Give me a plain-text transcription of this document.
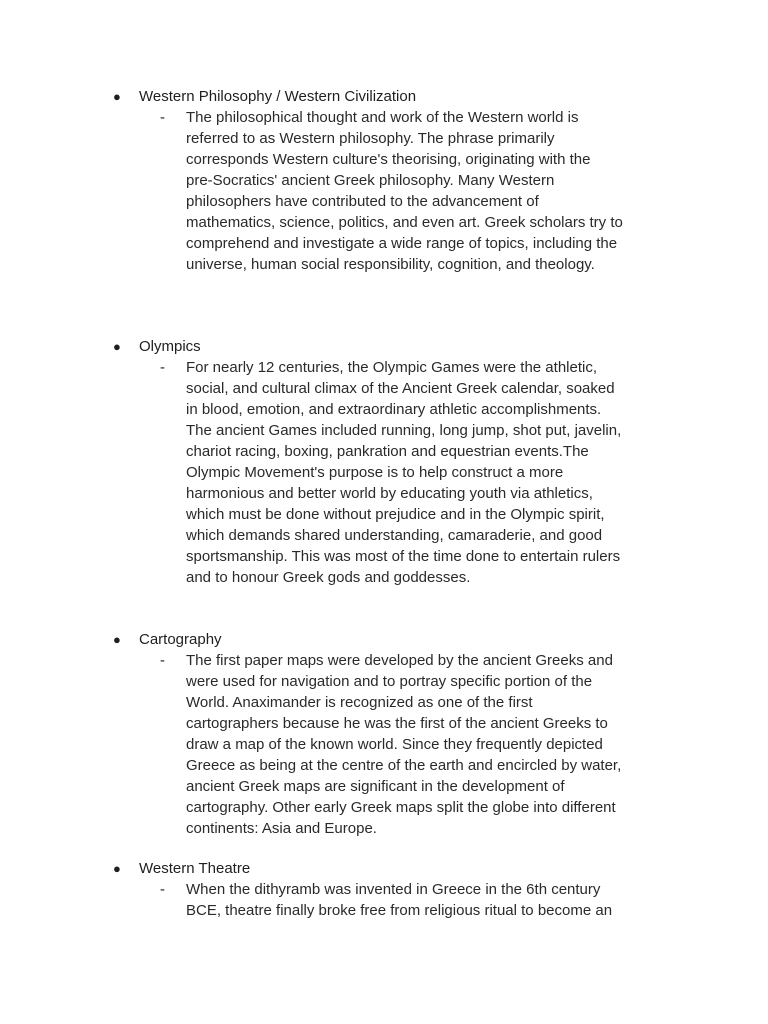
● Western Philosophy / Western Civilization
- The philosophical thought and work of the Western world is
referred to as Western philosophy. The phrase primarily
corresponds Western culture's theorising, originating with the
pre-Socratics' ancient Greek philosophy. Many Western
philosophers have contributed to the advancement of
mathematics, science, politics, and even art. Greek scholars try to
comprehend and investigate a wide range of topics, including the
universe, human social responsibility, cognition, and theology.
● Olympics
- For nearly 12 centuries, the Olympic Games were the athletic,
social, and cultural climax of the Ancient Greek calendar, soaked
in blood, emotion, and extraordinary athletic accomplishments.
The ancient Games included running, long jump, shot put, javelin,
chariot racing, boxing, pankration and equestrian events.The
Olympic Movement's purpose is to help construct a more
harmonious and better world by educating youth via athletics,
which must be done without prejudice and in the Olympic spirit,
which demands shared understanding, camaraderie, and good
sportsmanship. This was most of the time done to entertain rulers
and to honour Greek gods and goddesses.
● Cartography
- The first paper maps were developed by the ancient Greeks and
were used for navigation and to portray specific portion of the
World. Anaximander is recognized as one of the first
cartographers because he was the first of the ancient Greeks to
draw a map of the known world. Since they frequently depicted
Greece as being at the centre of the earth and encircled by water,
ancient Greek maps are significant in the development of
cartography. Other early Greek maps split the globe into different
continents: Asia and Europe.
● Western Theatre
- When the dithyramb was invented in Greece in the 6th century
BCE, theatre finally broke free from religious ritual to become an
